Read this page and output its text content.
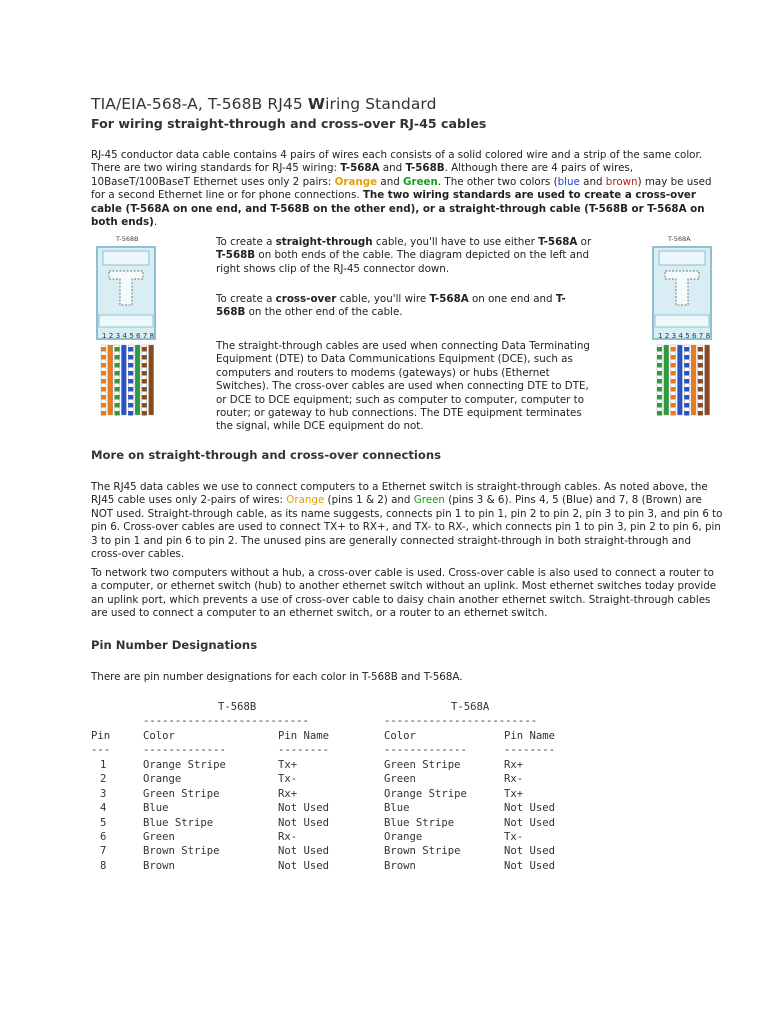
TIA/EIA-568-A, T-568B RJ45 Wiring Standard
For wiring straight-through and cross-over RJ-45 cables
RJ-45 conductor data cable contains 4 pairs of wires each consists of a solid colored wire and a strip of the same color. There are two wiring standards for RJ-45 wiring: T-568A and T-568B. Although there are 4 pairs of wires, 10BaseT/100BaseT Ethernet uses only 2 pairs: Orange and Green. The other two colors (blue and brown) may be used for a second Ethernet line or for phone connections. The two wiring standards are used to create a cross-over cable (T-568A on one end, and T-568B on the other end), or a straight-through cable (T-568B or T-568A on both ends).
T-568B
1 2 3 4 5 6 7 8
T-568A
1 2 3 4 5 6 7 8
To create a straight-through cable, you'll have to use either T-568A or T-568B on both ends of the cable. The diagram depicted on the left and right shows clip of the RJ-45 connector down.
To create a cross-over cable, you'll wire T-568A on one end and T-568B on the other end of the cable.
The straight-through cables are used when connecting Data Terminating Equipment (DTE) to Data Communications Equipment (DCE), such as computers and routers to modems (gateways) or hubs (Ethernet Switches). The cross-over cables are used when connecting DTE to DTE, or DCE to DCE equipment; such as computer to computer, computer to router; or gateway to hub connections. The DTE equipment terminates the signal, while DCE equipment do not.
More on straight-through and cross-over connections
The RJ45 data cables we use to connect computers to a Ethernet switch is straight-through cables. As noted above, the RJ45 cable uses only 2-pairs of wires: Orange (pins 1 & 2) and Green (pins 3 & 6). Pins 4, 5 (Blue) and 7, 8 (Brown) are NOT used. Straight-through cable, as its name suggests, connects pin 1 to pin 1, pin 2 to pin 2, pin 3 to pin 3, and pin 6 to pin 6. Cross-over cables are used to connect TX+ to RX+, and TX- to RX-, which connects pin 1 to pin 3, pin 2 to pin 6, pin 3 to pin 1 and pin 6 to pin 2. The unused pins are generally connected straight-through in both straight-through and cross-over cables.
To network two computers without a hub, a cross-over cable is used. Cross-over cable is also used to connect a router to a computer, or ethernet switch (hub) to another ethernet switch without an uplink. Most ethernet switches today provide an uplink port, which prevents a use of cross-over cable to daisy chain another ethernet switch. Straight-through cables are used to connect a computer to an ethernet switch, or a router to an ethernet switch.
Pin Number Designations
There are pin number designations for each color in T-568B and T-568A.
T-568B	T-568A
--------------------------	------------------------
Pin	Color	Pin Name	Color	Pin Name
---	-------------	--------	-------------	--------
1	Orange Stripe	Tx+	Green Stripe	Rx+
2	Orange	Tx-	Green	Rx-
3	Green Stripe	Rx+	Orange Stripe	Tx+
4	Blue	Not Used	Blue	Not Used
5	Blue Stripe	Not Used	Blue Stripe	Not Used
6	Green	Rx-	Orange	Tx-
7	Brown Stripe	Not Used	Brown Stripe	Not Used
8	Brown	Not Used	Brown	Not Used
